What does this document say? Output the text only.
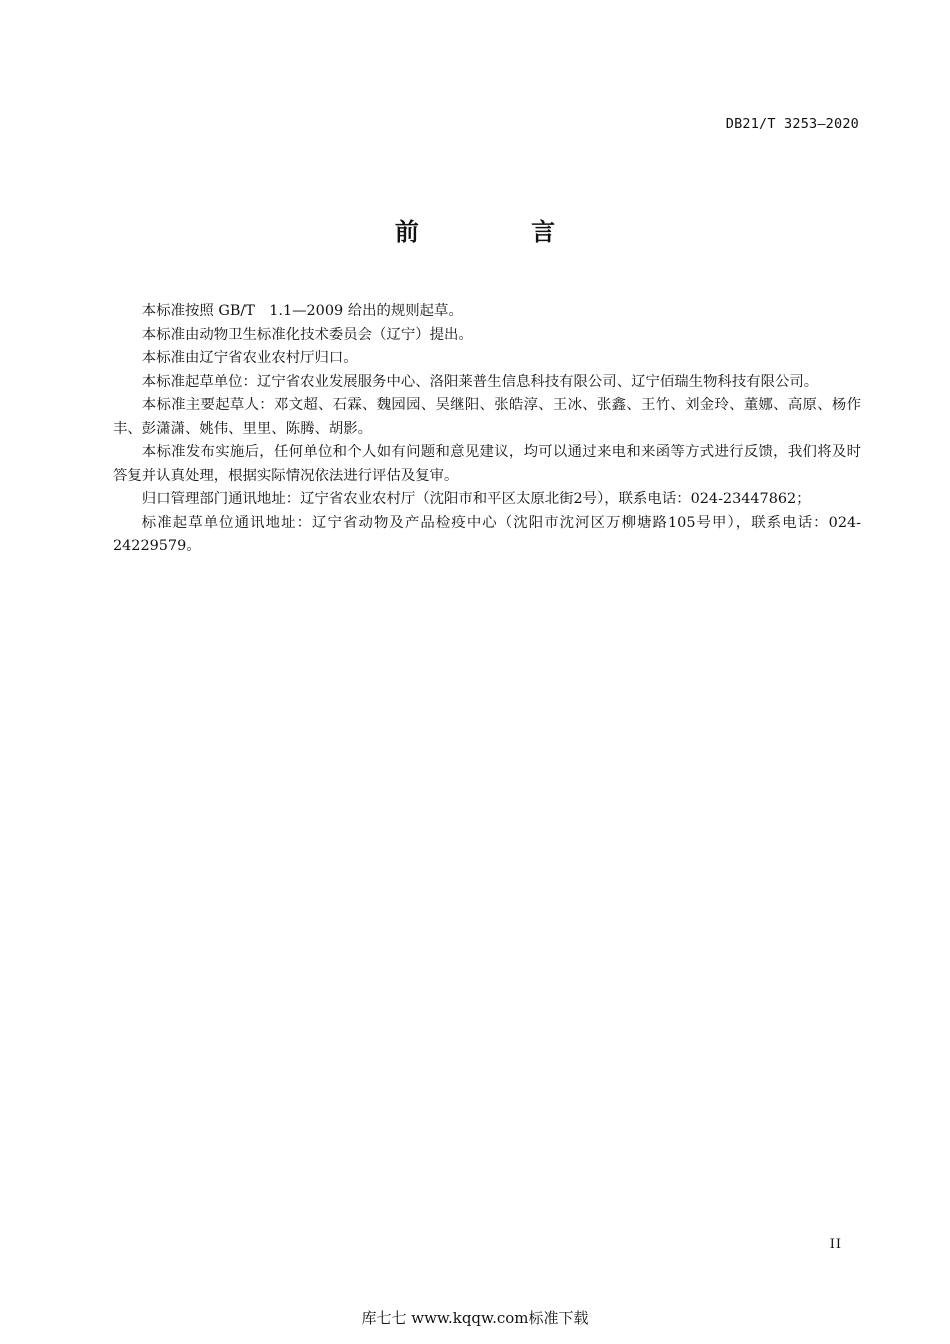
DB21/T 3253—2020
前 言

本标准按照 GB/T　1.1—2009 给出的规则起草。

本标准由动物卫生标准化技术委员会（辽宁）提出。

本标准由辽宁省农业农村厅归口。

本标准起草单位：辽宁省农业发展服务中心、洛阳莱普生信息科技有限公司、辽宁佰瑞生物科技有限公司。

本标准主要起草人：邓文超、石霖、魏园园、吴继阳、张皓淳、王冰、张鑫、王竹、刘金玲、董娜、高原、杨作丰、彭潇潇、姚伟、里里、陈腾、胡影。

本标准发布实施后，任何单位和个人如有问题和意见建议，均可以通过来电和来函等方式进行反馈，我们将及时答复并认真处理，根据实际情况依法进行评估及复审。

归口管理部门通讯地址：辽宁省农业农村厅（沈阳市和平区太原北街2号），联系电话：024-23447862；

标准起草单位通讯地址：辽宁省动物及产品检疫中心（沈阳市沈河区万柳塘路105号甲），联系电话：024-24229579。

II
库七七 www.kqqw.com标准下载
